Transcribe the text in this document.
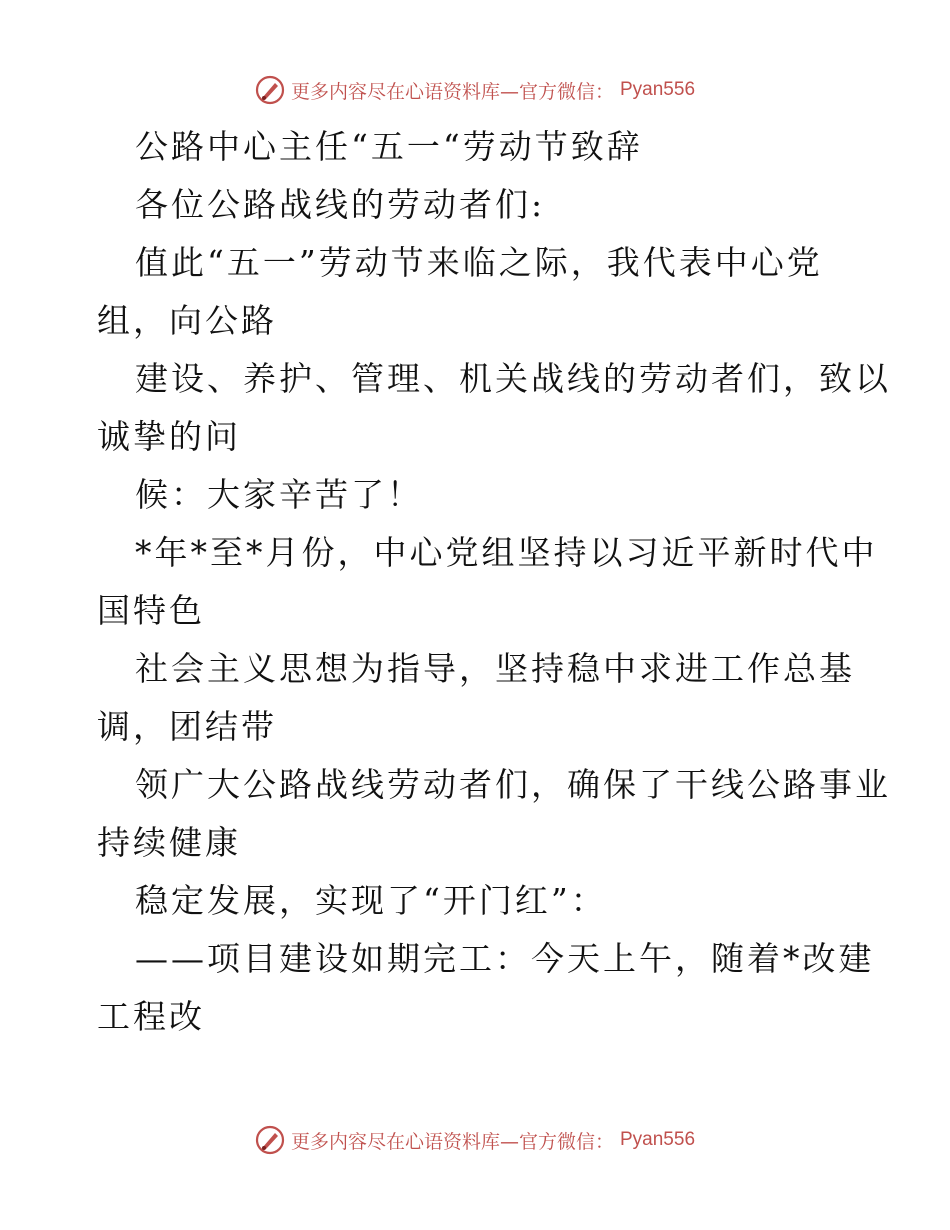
更多内容尽在心语资料库—官方微信： Pyan556
公路中心主任“五一“劳动节致辞
各位公路战线的劳动者们:
值此“五一”劳动节来临之际，我代表中心党
组，向公路
建设、养护、管理、机关战线的劳动者们，致以
诚挚的问
候：大家辛苦了！
*年*至*月份，中心党组坚持以习近平新时代中
国特色
社会主义思想为指导，坚持稳中求进工作总基
调，团结带
领广大公路战线劳动者们，确保了干线公路事业
持续健康
稳定发展，实现了“开门红”：
——项目建设如期完工：今天上午，随着*改建
工程改
更多内容尽在心语资料库—官方微信： Pyan556
